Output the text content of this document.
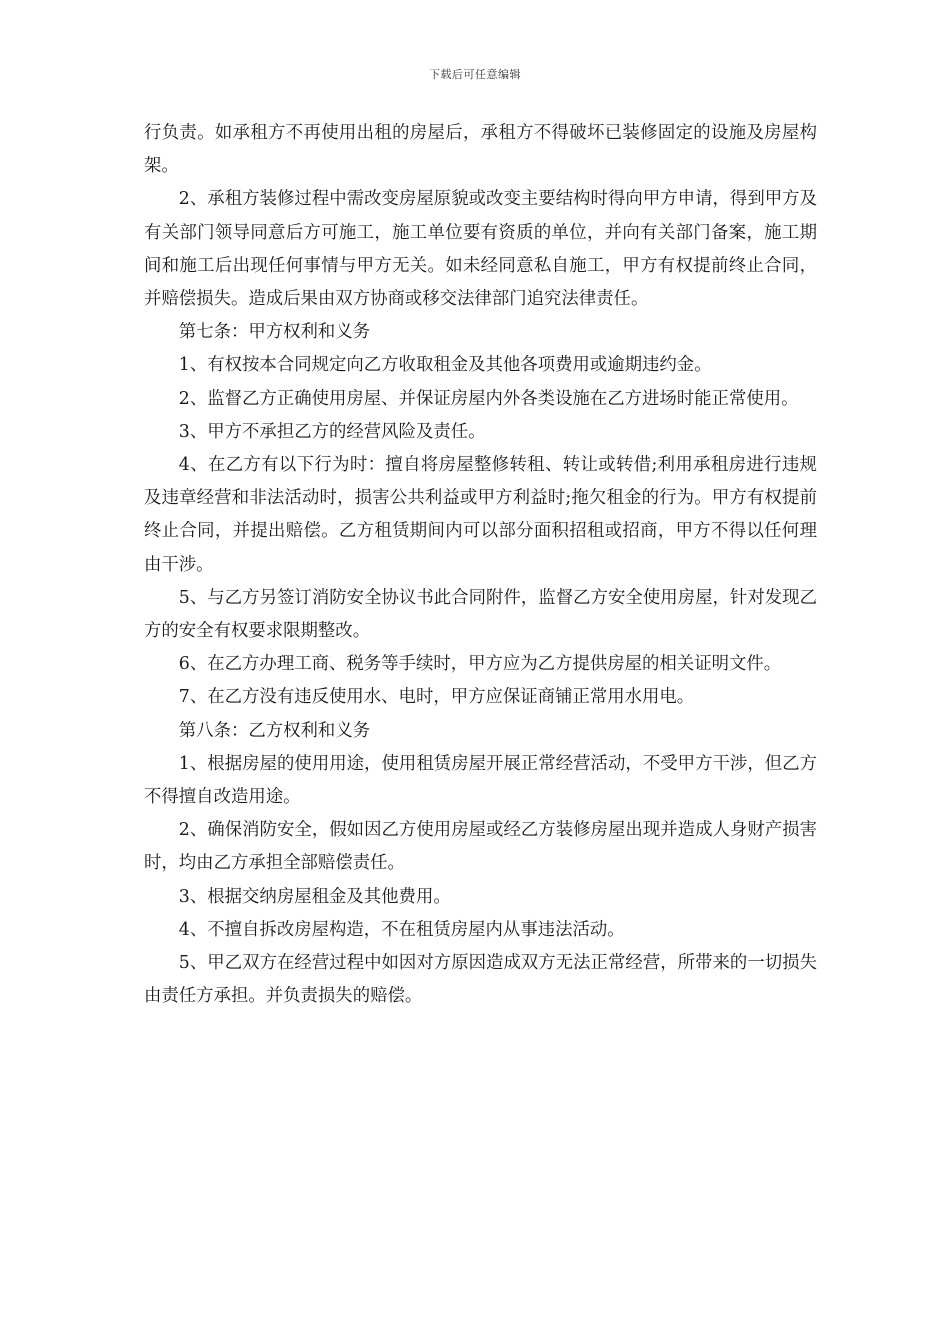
下载后可任意编辑

行负责。如承租方不再使用出租的房屋后，承租方不得破坏已装修固定的设施及房屋构架。

2、承租方装修过程中需改变房屋原貌或改变主要结构时得向甲方申请，得到甲方及有关部门领导同意后方可施工，施工单位要有资质的单位，并向有关部门备案，施工期间和施工后出现任何事情与甲方无关。如未经同意私自施工，甲方有权提前终止合同，并赔偿损失。造成后果由双方协商或移交法律部门追究法律责任。

第七条：甲方权利和义务

1、有权按本合同规定向乙方收取租金及其他各项费用或逾期违约金。

2、监督乙方正确使用房屋、并保证房屋内外各类设施在乙方进场时能正常使用。

3、甲方不承担乙方的经营风险及责任。

4、在乙方有以下行为时：擅自将房屋整修转租、转让或转借;利用承租房进行违规及违章经营和非法活动时，损害公共利益或甲方利益时;拖欠租金的行为。甲方有权提前终止合同，并提出赔偿。乙方租赁期间内可以部分面积招租或招商，甲方不得以任何理由干涉。

5、与乙方另签订消防安全协议书此合同附件，监督乙方安全使用房屋，针对发现乙方的安全有权要求限期整改。

6、在乙方办理工商、税务等手续时，甲方应为乙方提供房屋的相关证明文件。

7、在乙方没有违反使用水、电时，甲方应保证商铺正常用水用电。

第八条：乙方权利和义务

1、根据房屋的使用用途，使用租赁房屋开展正常经营活动，不受甲方干涉，但乙方不得擅自改造用途。

2、确保消防安全，假如因乙方使用房屋或经乙方装修房屋出现并造成人身财产损害时，均由乙方承担全部赔偿责任。

3、根据交纳房屋租金及其他费用。

4、不擅自拆改房屋构造，不在租赁房屋内从事违法活动。

5、甲乙双方在经营过程中如因对方原因造成双方无法正常经营，所带来的一切损失由责任方承担。并负责损失的赔偿。
